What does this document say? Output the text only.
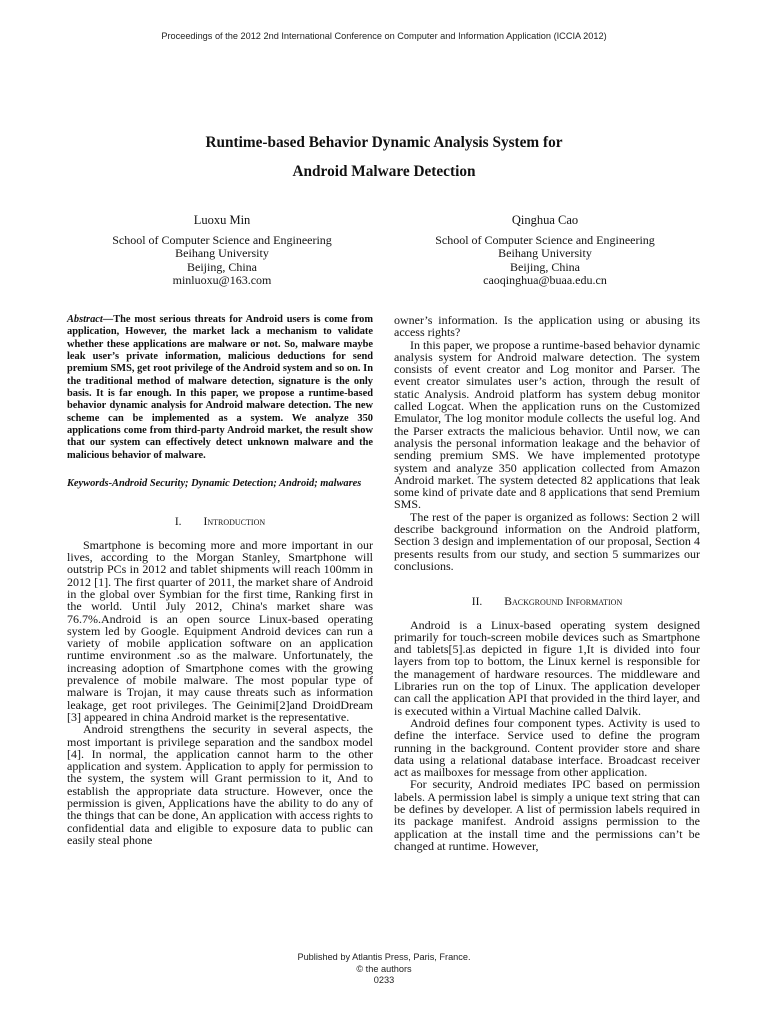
Proceedings of the 2012 2nd International Conference on Computer and Information Application (ICCIA 2012)
Runtime-based Behavior Dynamic Analysis System for
Android Malware Detection
Luoxu Min
School of Computer Science and Engineering
Beihang University
Beijing, China
minluoxu@163.com
Qinghua Cao
School of Computer Science and Engineering
Beihang University
Beijing, China
caoqinghua@buaa.edu.cn
Abstract—The most serious threats for Android users is come from application, However, the market lack a mechanism to validate whether these applications are malware or not. So, malware maybe leak user’s private information, malicious deductions for send premium SMS, get root privilege of the Android system and so on. In the traditional method of malware detection, signature is the only basis. It is far enough. In this paper, we propose a runtime-based behavior dynamic analysis for Android malware detection. The new scheme can be implemented as a system. We analyze 350 applications come from third-party Android market, the result show that our system can effectively detect unknown malware and the malicious behavior of malware.
Keywords-Android Security; Dynamic Detection; Android; malwares
I. Introduction

Smartphone is becoming more and more important in our lives, according to the Morgan Stanley, Smartphone will outstrip PCs in 2012 and tablet shipments will reach 100mm in 2012 [1]. The first quarter of 2011, the market share of Android in the global over Symbian for the first time, Ranking first in the world. Until July 2012, China's market share was 76.7%.Android is an open source Linux-based operating system led by Google. Equipment Android devices can run a variety of mobile application software on an application runtime environment .so as the malware. Unfortunately, the increasing adoption of Smartphone comes with the growing prevalence of mobile malware. The most popular type of malware is Trojan, it may cause threats such as information leakage, get root privileges. The Geinimi[2]and DroidDream [3] appeared in china Android market is the representative.

Android strengthens the security in several aspects, the most important is privilege separation and the sandbox model [4]. In normal, the application cannot harm to the other application and system. Application to apply for permission to the system, the system will Grant permission to it, And to establish the appropriate data structure. However, once the permission is given, Applications have the ability to do any of the things that can be done, An application with access rights to confidential data and eligible to exposure data to public can easily steal phone

owner’s information. Is the application using or abusing its access rights?

In this paper, we propose a runtime-based behavior dynamic analysis system for Android malware detection. The system consists of event creator and Log monitor and Parser. The event creator simulates user’s action, through the result of static Analysis. Android platform has system debug monitor called Logcat. When the application runs on the Customized Emulator, The log monitor module collects the useful log. And the Parser extracts the malicious behavior. Until now, we can analysis the personal information leakage and the behavior of sending premium SMS. We have implemented prototype system and analyze 350 application collected from Amazon Android market. The system detected 82 applications that leak some kind of private date and 8 applications that send Premium SMS.

The rest of the paper is organized as follows: Section 2 will describe background information on the Android platform, Section 3 design and implementation of our proposal, Section 4 presents results from our study, and section 5 summarizes our conclusions.

II. Background Information

Android is a Linux-based operating system designed primarily for touch-screen mobile devices such as Smartphone and tablets[5].as depicted in figure 1,It is divided into four layers from top to bottom, the Linux kernel is responsible for the management of hardware resources. The middleware and Libraries run on the top of Linux. The application developer can call the application API that provided in the third layer, and is executed within a Virtual Machine called Dalvik.

Android defines four component types. Activity is used to define the interface. Service used to define the program running in the background. Content provider store and share data using a relational database interface. Broadcast receiver act as mailboxes for message from other application.

For security, Android mediates IPC based on permission labels. A permission label is simply a unique text string that can be defines by developer. A list of permission labels required in its package manifest. Android assigns permission to the application at the install time and the permissions can’t be changed at runtime. However,

Published by Atlantis Press, Paris, France.
© the authors
0233
